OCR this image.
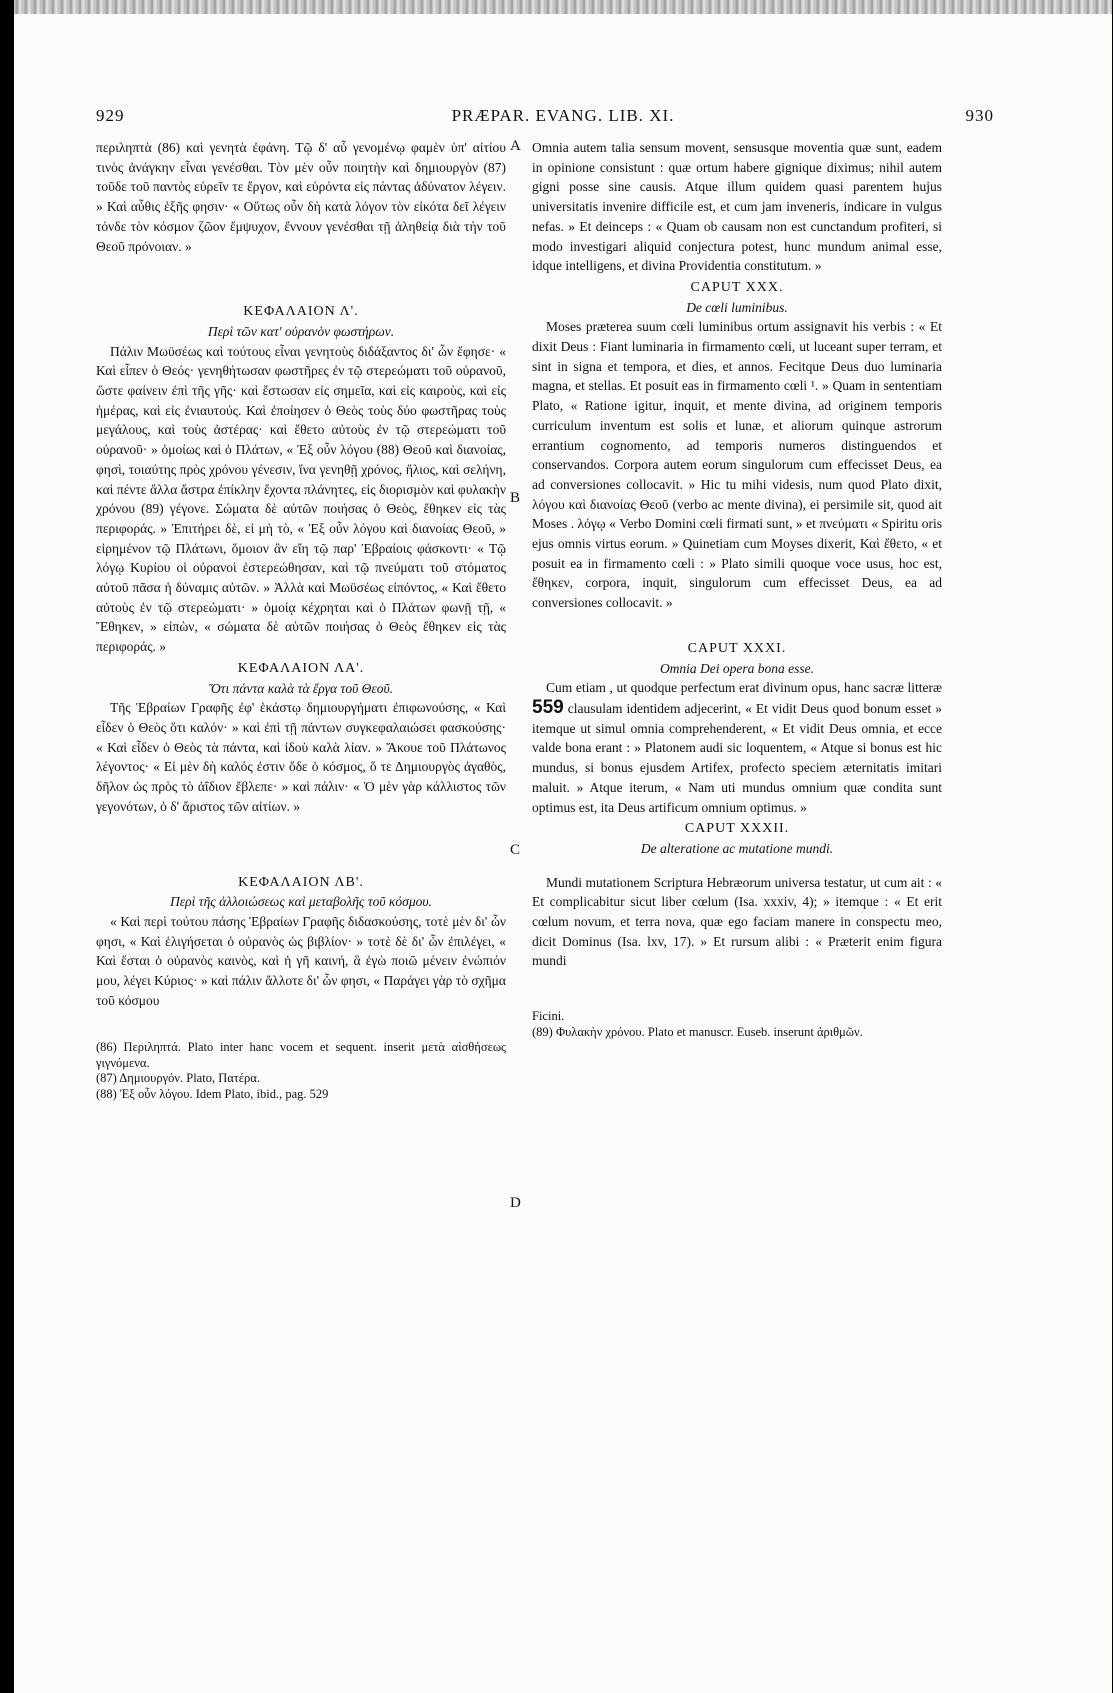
929	PRÆPAR. EVANG. LIB. XI.	930
A
B
C
D

περιληπτὰ (86) καὶ γενητὰ ἐφάνη. Τῷ δ' αὖ γενομένῳ φαμὲν ὑπ' αἰτίου τινὸς ἀνάγκην εἶναι γενέσθαι. Τὸν μὲν οὖν ποιητὴν καὶ δημιουργὸν (87) τοῦδε τοῦ παντὸς εὑρεῖν τε ἔργον, καὶ εὑρόντα εἰς πάντας ἀδύνατον λέγειν. » Καὶ αὖθις ἑξῆς φησιν· « Οὕτως οὖν δὴ κατὰ λόγον τὸν εἰκότα δεῖ λέγειν τόνδε τὸν κόσμον ζῶον ἔμψυχον, ἔννουν γενέσθαι τῇ ἀληθείᾳ διὰ τὴν τοῦ Θεοῦ πρόνοιαν. »

ΚΕΦΑΛΑΙΟΝ Λ'.
Περὶ τῶν κατ' οὐρανὸν φωστήρων.

Πάλιν Μωϋσέως καὶ τούτους εἶναι γενητοὺς διδάξαντος δι' ὧν ἔφησε· « Καὶ εἶπεν ὁ Θεός· γενηθήτωσαν φωστῆρες ἐν τῷ στερεώματι τοῦ οὐρανοῦ, ὥστε φαίνειν ἐπὶ τῆς γῆς· καὶ ἔστωσαν εἰς σημεῖα, καὶ εἰς καιροὺς, καὶ εἰς ἡμέρας, καὶ εἰς ἐνιαυτούς. Καὶ ἐποίησεν ὁ Θεὸς τοὺς δύο φωστῆρας τοὺς μεγάλους, καὶ τοὺς ἀστέρας· καὶ ἔθετο αὐτοὺς ἐν τῷ στερεώματι τοῦ οὐρανοῦ· » ὁμοίως καὶ ὁ Πλάτων, « Ἐξ οὖν λόγου (88) Θεοῦ καὶ διανοίας, φησὶ, τοιαύτης πρὸς χρόνου γένεσιν, ἵνα γενηθῇ χρόνος, ἥλιος, καὶ σελήνη, καὶ πέντε ἄλλα ἄστρα ἐπίκλην ἔχοντα πλάνητες, εἰς διορισμὸν καὶ φυλακὴν χρόνου (89) γέγονε. Σώματα δὲ αὐτῶν ποιήσας ὁ Θεὸς, ἔθηκεν εἰς τὰς περιφοράς. » Ἐπιτήρει δὲ, εἰ μὴ τὸ, « Ἐξ οὖν λόγου καὶ διανοίας Θεοῦ, » εἰρημένον τῷ Πλάτωνι, ὅμοιον ἂν εἴη τῷ παρ' Ἑβραίοις φάσκοντι· « Τῷ λόγῳ Κυρίου οἱ οὐρανοὶ ἐστερεώθησαν, καὶ τῷ πνεύματι τοῦ στόματος αὐτοῦ πᾶσα ἡ δύναμις αὐτῶν. » Ἀλλὰ καὶ Μωϋσέως εἰπόντος, « Καὶ ἔθετο αὐτοὺς ἐν τῷ στερεώματι· » ὁμοίᾳ κέχρηται καὶ ὁ Πλάτων φωνῇ τῇ, « Ἔθηκεν, » εἰπὼν, « σώματα δὲ αὐτῶν ποιήσας ὁ Θεὸς ἔθηκεν εἰς τὰς περιφοράς. »

ΚΕΦΑΛΑΙΟΝ ΛΑ'.
Ὅτι πάντα καλὰ τὰ ἔργα τοῦ Θεοῦ.

Τῆς Ἑβραίων Γραφῆς ἐφ' ἑκάστῳ δημιουργήματι ἐπιφωνούσης, « Καὶ εἶδεν ὁ Θεὸς ὅτι καλόν· » καὶ ἐπὶ τῇ πάντων συγκεφαλαιώσει φασκούσης· « Καὶ εἶδεν ὁ Θεὸς τὰ πάντα, καὶ ἰδοὺ καλὰ λίαν. » Ἄκουε τοῦ Πλάτωνος λέγοντος· « Εἰ μὲν δὴ καλός ἐστιν ὅδε ὁ κόσμος, ὅ τε Δημιουργὸς ἀγαθὸς, δῆλον ὡς πρὸς τὸ ἀΐδιον ἔβλεπε· » καὶ πάλιν· « Ὁ μὲν γὰρ κάλλιστος τῶν γεγονότων, ὁ δ' ἄριστος τῶν αἰτίων. »

ΚΕΦΑΛΑΙΟΝ ΛΒ'.
Περὶ τῆς ἀλλοιώσεως καὶ μεταβολῆς τοῦ κόσμου.

« Καὶ περὶ τούτου πάσης Ἑβραίων Γραφῆς διδασκούσης, τοτὲ μὲν δι' ὧν φησι, « Καὶ ἑλιγήσεται ὁ οὐρανὸς ὡς βιβλίον· » τοτὲ δὲ δι' ὧν ἐπιλέγει, « Καὶ ἔσται ὁ οὐρανὸς καινὸς, καὶ ἡ γῆ καινή, ἃ ἐγὼ ποιῶ μένειν ἐνώπιόν μου, λέγει Κύριος· » καὶ πάλιν ἄλλοτε δι' ὧν φησι, « Παράγει γὰρ τὸ σχῆμα τοῦ κόσμου

(86) Περιληπτά. Plato inter hanc vocem et sequent. inserit μετὰ αἰσθήσεως γιγνόμενα.

(87) Δημιουργόν. Plato, Πατέρα.

(88) Ἐξ οὖν λόγου. Idem Plato, ibid., pag. 529

Omnia autem talia sensum movent, sensusque moventia quæ sunt, eadem in opinione consistunt : quæ ortum habere gignique diximus; nihil autem gigni posse sine causis. Atque illum quidem quasi parentem hujus universitatis invenire difficile est, et cum jam inveneris, indicare in vulgus nefas. » Et deinceps : « Quam ob causam non est cunctandum profiteri, si modo investigari aliquid conjectura potest, hunc mundum animal esse, idque intelligens, et divina Providentia constitutum. »

CAPUT XXX.
De cœli luminibus.

Moses præterea suum cœli luminibus ortum assignavit his verbis : « Et dixit Deus : Fiant luminaria in firmamento cœli, ut luceant super terram, et sint in signa et tempora, et dies, et annos. Fecitque Deus duo luminaria magna, et stellas. Et posuit eas in firmamento cœli ¹. » Quam in sententiam Plato, « Ratione igitur, inquit, et mente divina, ad originem temporis curriculum inventum est solis et lunæ, et aliorum quinque astrorum errantium cognomento, ad temporis numeros distinguendos et conservandos. Corpora autem eorum singulorum cum effecisset Deus, ea ad conversiones collocavit. » Hic tu mihi videsis, num quod Plato dixit, λόγου καὶ διανοίας Θεοῦ (verbo ac mente divina), ei persimile sit, quod ait Moses . λόγῳ « Verbo Domini cœli firmati sunt, » et πνεύματι « Spiritu oris ejus omnis virtus eorum. » Quinetiam cum Moyses dixerit, Καὶ ἔθετο, « et posuit ea in firmamento cœli : » Plato simili quoque voce usus, hoc est, ἔθηκεν, corpora, inquit, singulorum cum effecisset Deus, ea ad conversiones collocavit. »

CAPUT XXXI.
Omnia Dei opera bona esse.

Cum etiam , ut quodque perfectum erat divinum opus, hanc sacræ litteræ 559 clausulam identidem adjecerint, « Et vidit Deus quod bonum esset » itemque ut simul omnia comprehenderent, « Et vidit Deus omnia, et ecce valde bona erant : » Platonem audi sic loquentem, « Atque si bonus est hic mundus, si bonus ejusdem Artifex, profecto speciem æternitatis imitari maluit. » Atque iterum, « Nam uti mundus omnium quæ condita sunt optimus est, ita Deus artificum omnium optimus. »

CAPUT XXXII.
De alteratione ac mutatione mundi.

Mundi mutationem Scriptura Hebræorum universa testatur, ut cum ait : « Et complicabitur sicut liber cœlum (Isa. xxxiv, 4); » itemque : « Et erit cœlum novum, et terra nova, quæ ego faciam manere in conspectu meo, dicit Dominus (Isa. lxv, 17). » Et rursum alibi : « Præterit enim figura mundi

Ficini.

(89) Φυλακὴν χρόνου. Plato et manuscr. Euseb. inserunt ἀριθμῶν.
